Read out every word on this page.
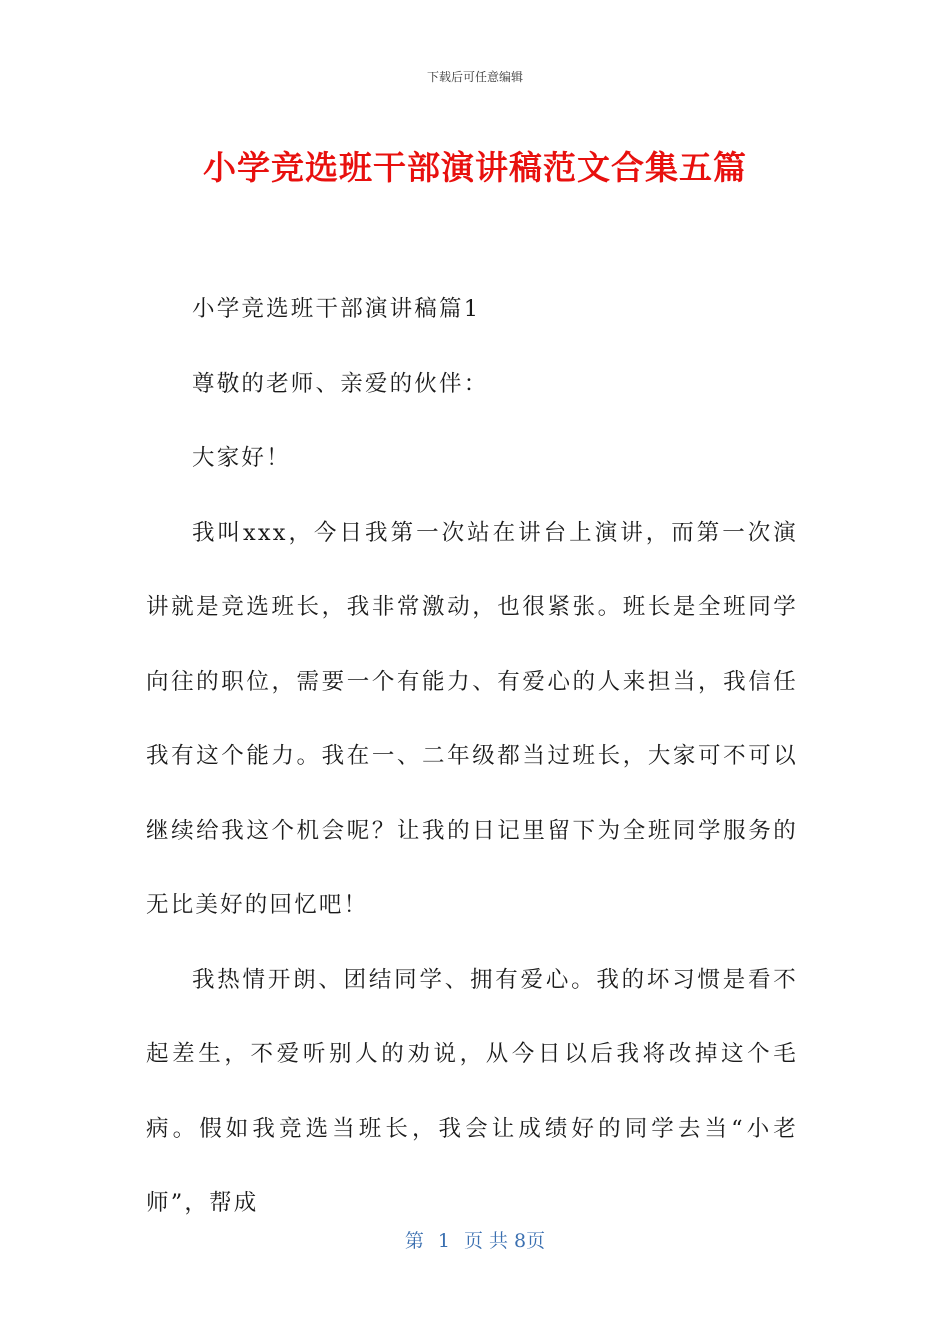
下载后可任意编辑
小学竞选班干部演讲稿范文合集五篇

小学竞选班干部演讲稿篇1

尊敬的老师、亲爱的伙伴：

大家好！

我叫xxx，今日我第一次站在讲台上演讲，而第一次演讲就是竞选班长，我非常激动，也很紧张。班长是全班同学向往的职位，需要一个有能力、有爱心的人来担当，我信任我有这个能力。我在一、二年级都当过班长，大家可不可以继续给我这个机会呢？让我的日记里留下为全班同学服务的无比美好的回忆吧！

我热情开朗、团结同学、拥有爱心。我的坏习惯是看不起差生，不爱听别人的劝说，从今日以后我将改掉这个毛病。假如我竞选当班长，我会让成绩好的同学去当“小老师”，帮成

第 1 页 共 8页
